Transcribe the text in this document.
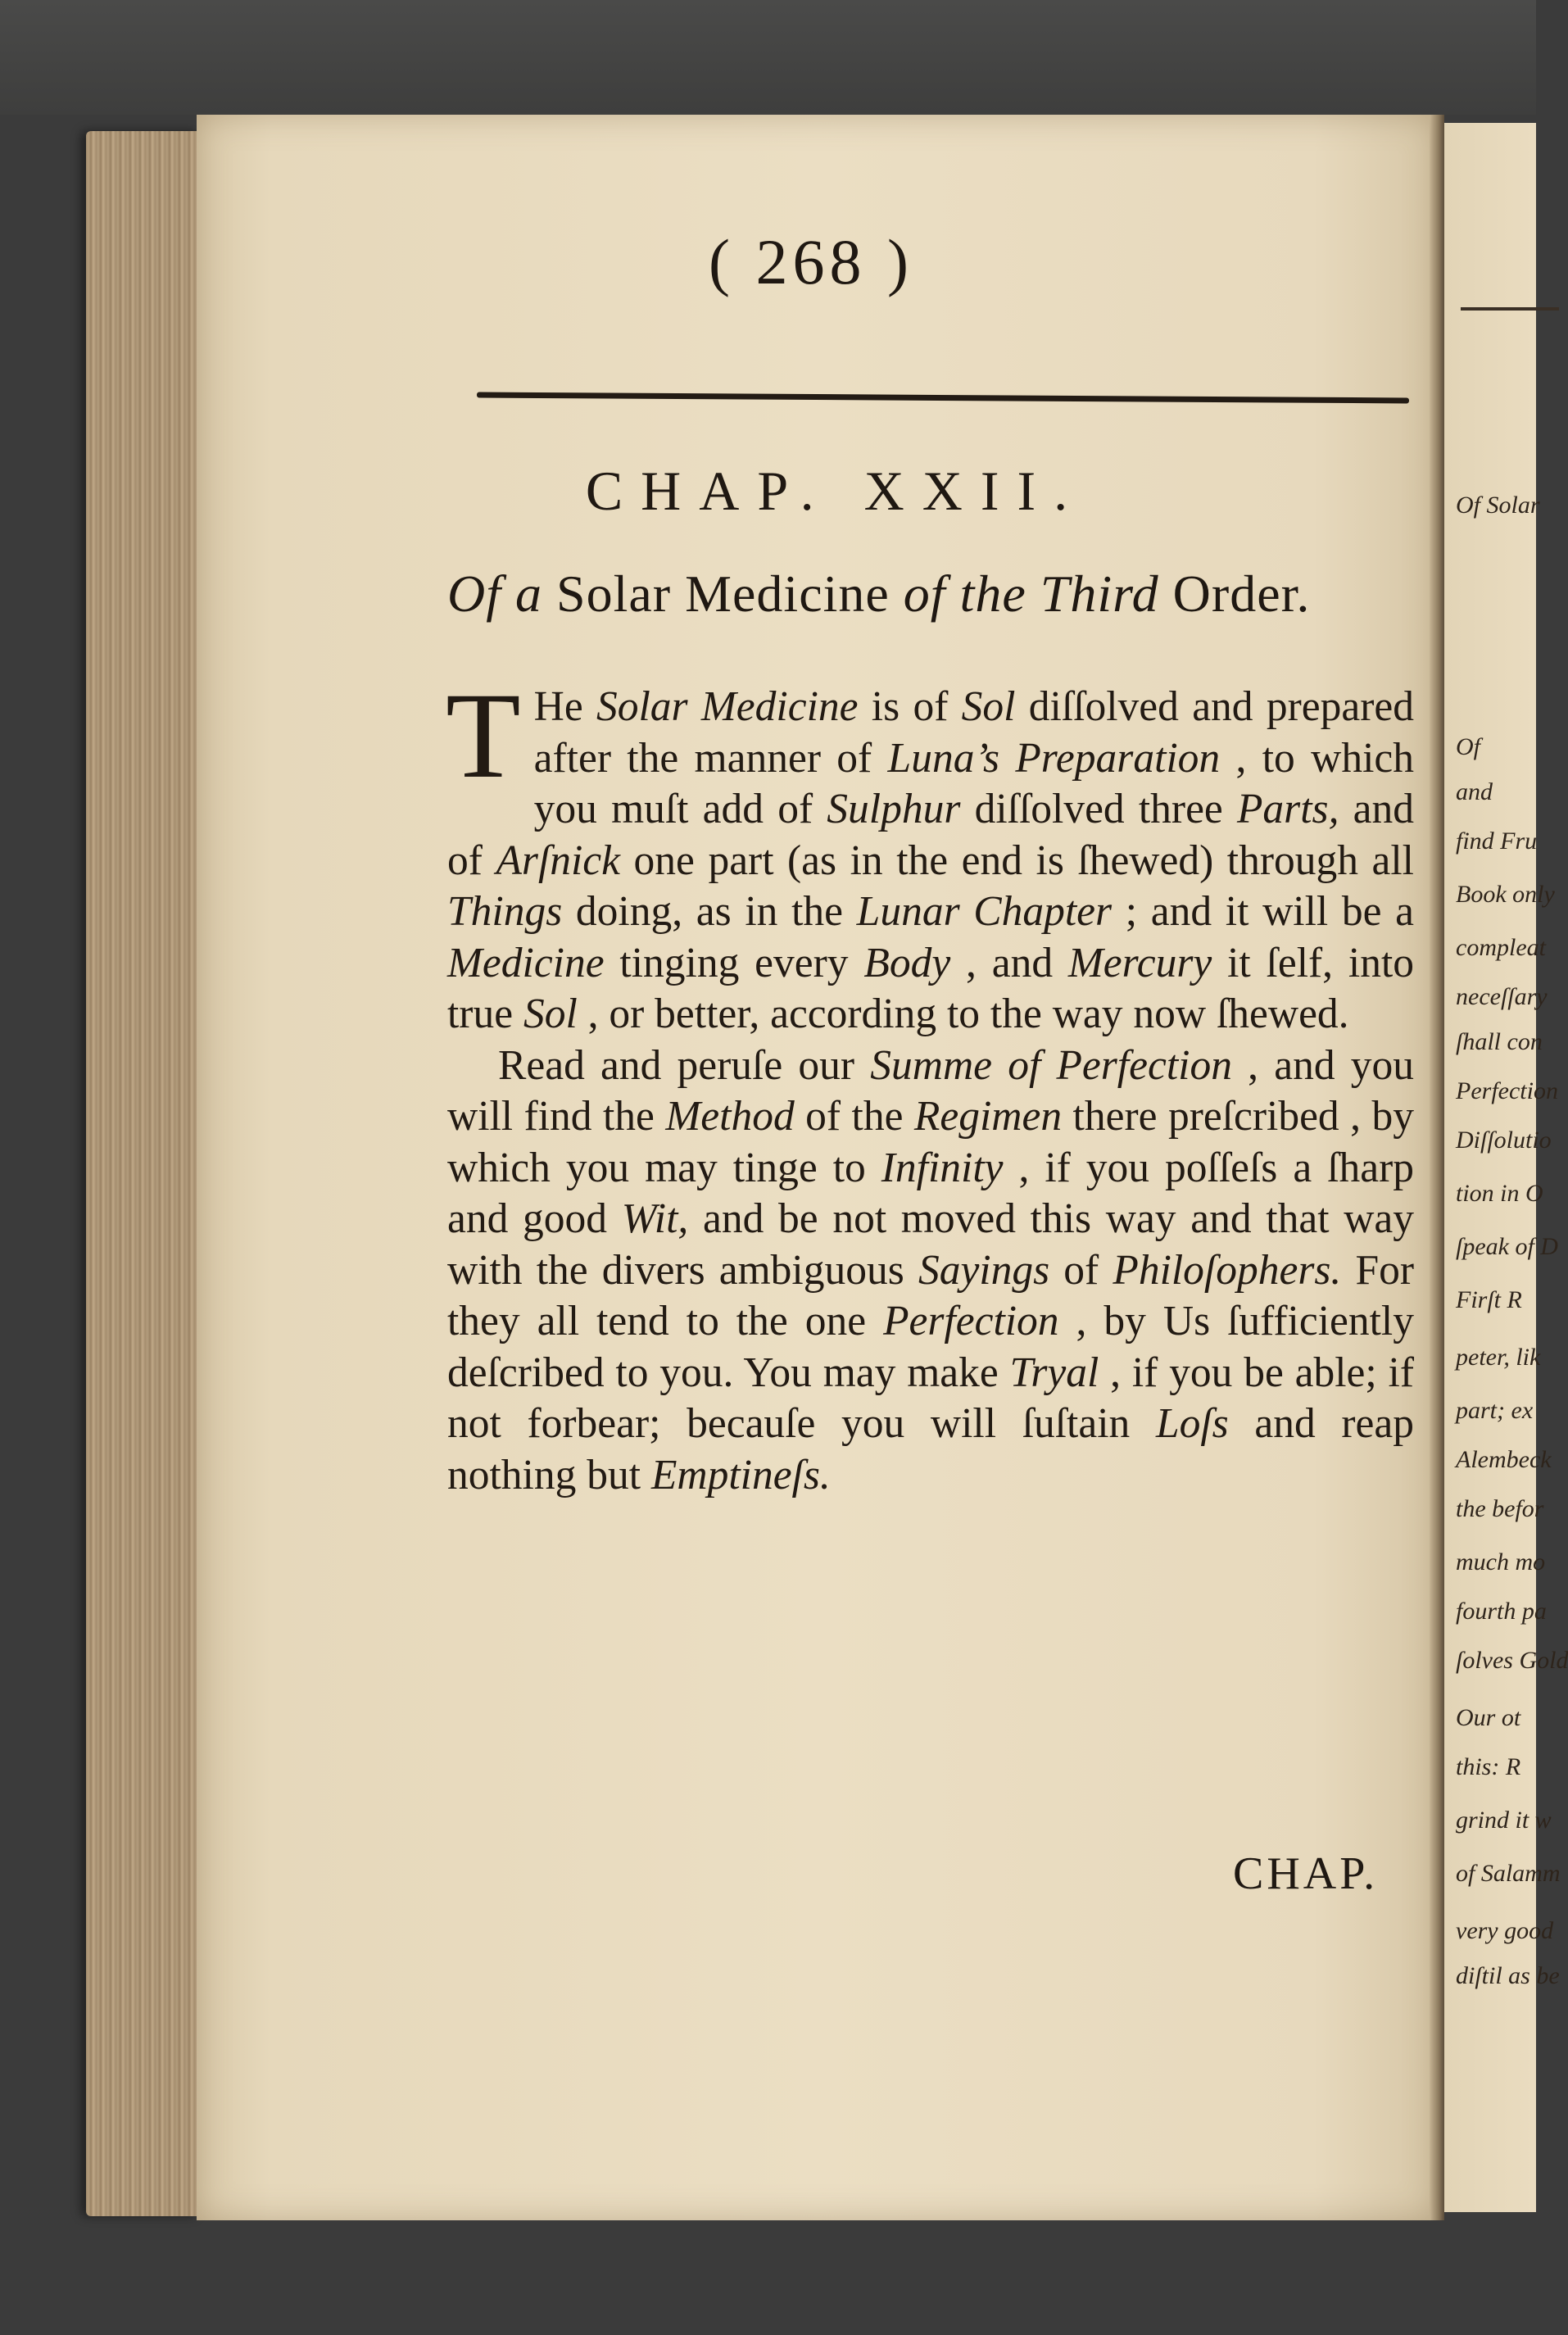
( 268 )
CHAP. XXII.
Of a Solar Medicine of the Third Order.

T He Solar Medicine is of Sol diſſolved and prepared after the manner of Luna’s Preparation , to which you muſt add of Sulphur diſſolved three Parts, and of Arſnick one part (as in the end is ſhewed) through all Things doing, as in the Lunar Chapter ; and it will be a Medicine tinging every Body , and Mercury it ſelf, into true Sol , or better, according to the way now ſhewed.

Read and peruſe our Summe of Perfection , and you will find the Method of the Regimen there preſcribed , by which you may tinge to Infinity , if you poſſeſs a ſharp and good Wit, and be not moved this way and that way with the divers ambiguous Sayings of Philoſophers. For they all tend to the one Perfection , by Us ſufficiently deſcribed to you. You may make Tryal , if you be able; if not forbear; becauſe you will ſuſtain Loſs and reap nothing but Emptineſs.

CHAP.
Of Solar
Of
and
find Fru
Book only
compleat
neceſſary
ſhall con
Perfection
Diſſolutio
tion in O
ſpeak of D
Firſt R
peter, lik
part; ex
Alembeck
the befor
much mo
fourth pa
ſolves Gold
Our ot
this: R
grind it w
of Salamm
very good
diſtil as be
